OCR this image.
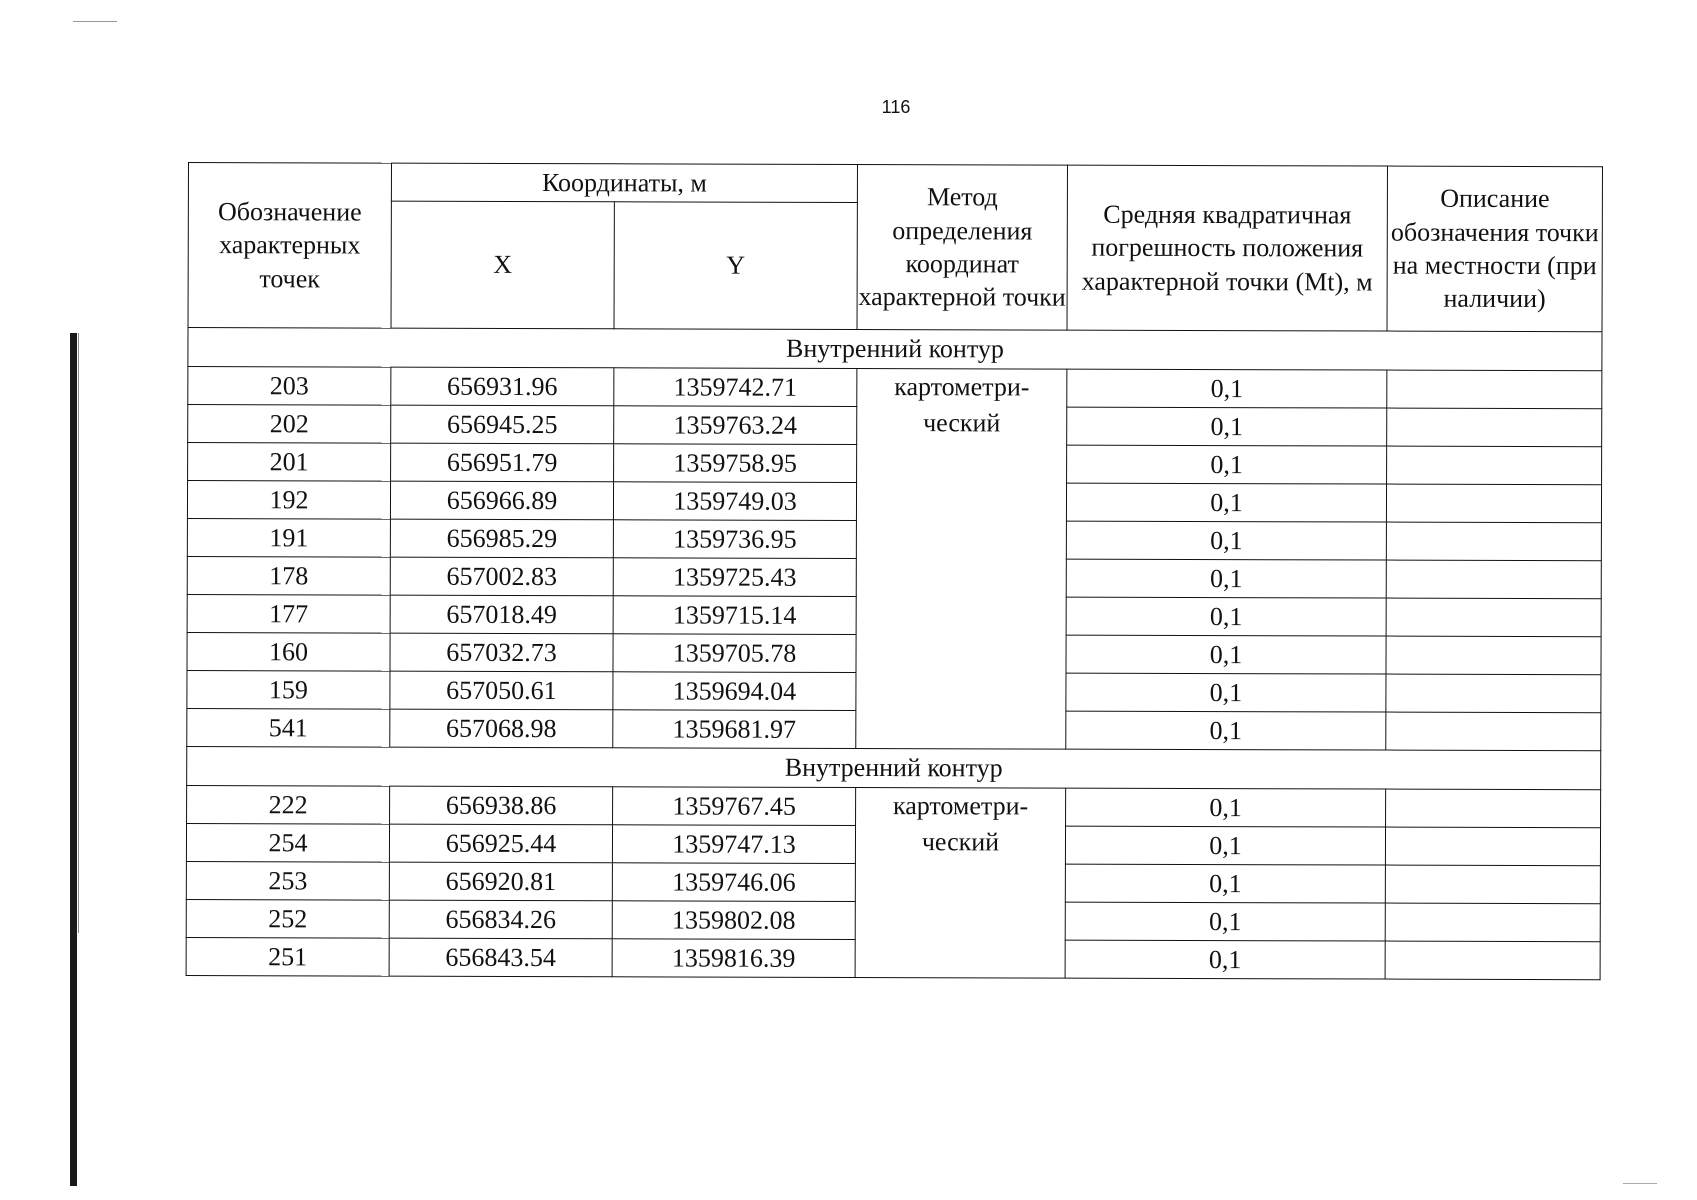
116
Обозначение характерных точек	Координаты, м		Метод определения координат характерной точки	Средняя квадратичная погрешность положения характерной точки (Mt), м	Описание обозначения точки на местности (при наличии)
	X	Y			
Внутренний контур					
203	656931.96	1359742.71	картометри-ческий	0,1	
202	656945.25	1359763.24		0,1	
201	656951.79	1359758.95		0,1	
192	656966.89	1359749.03		0,1	
191	656985.29	1359736.95		0,1	
178	657002.83	1359725.43		0,1	
177	657018.49	1359715.14		0,1	
160	657032.73	1359705.78		0,1	
159	657050.61	1359694.04		0,1	
541	657068.98	1359681.97		0,1	
Внутренний контур					
222	656938.86	1359767.45	картометри-ческий	0,1	
254	656925.44	1359747.13		0,1	
253	656920.81	1359746.06		0,1	
252	656834.26	1359802.08		0,1	
251	656843.54	1359816.39		0,1	
